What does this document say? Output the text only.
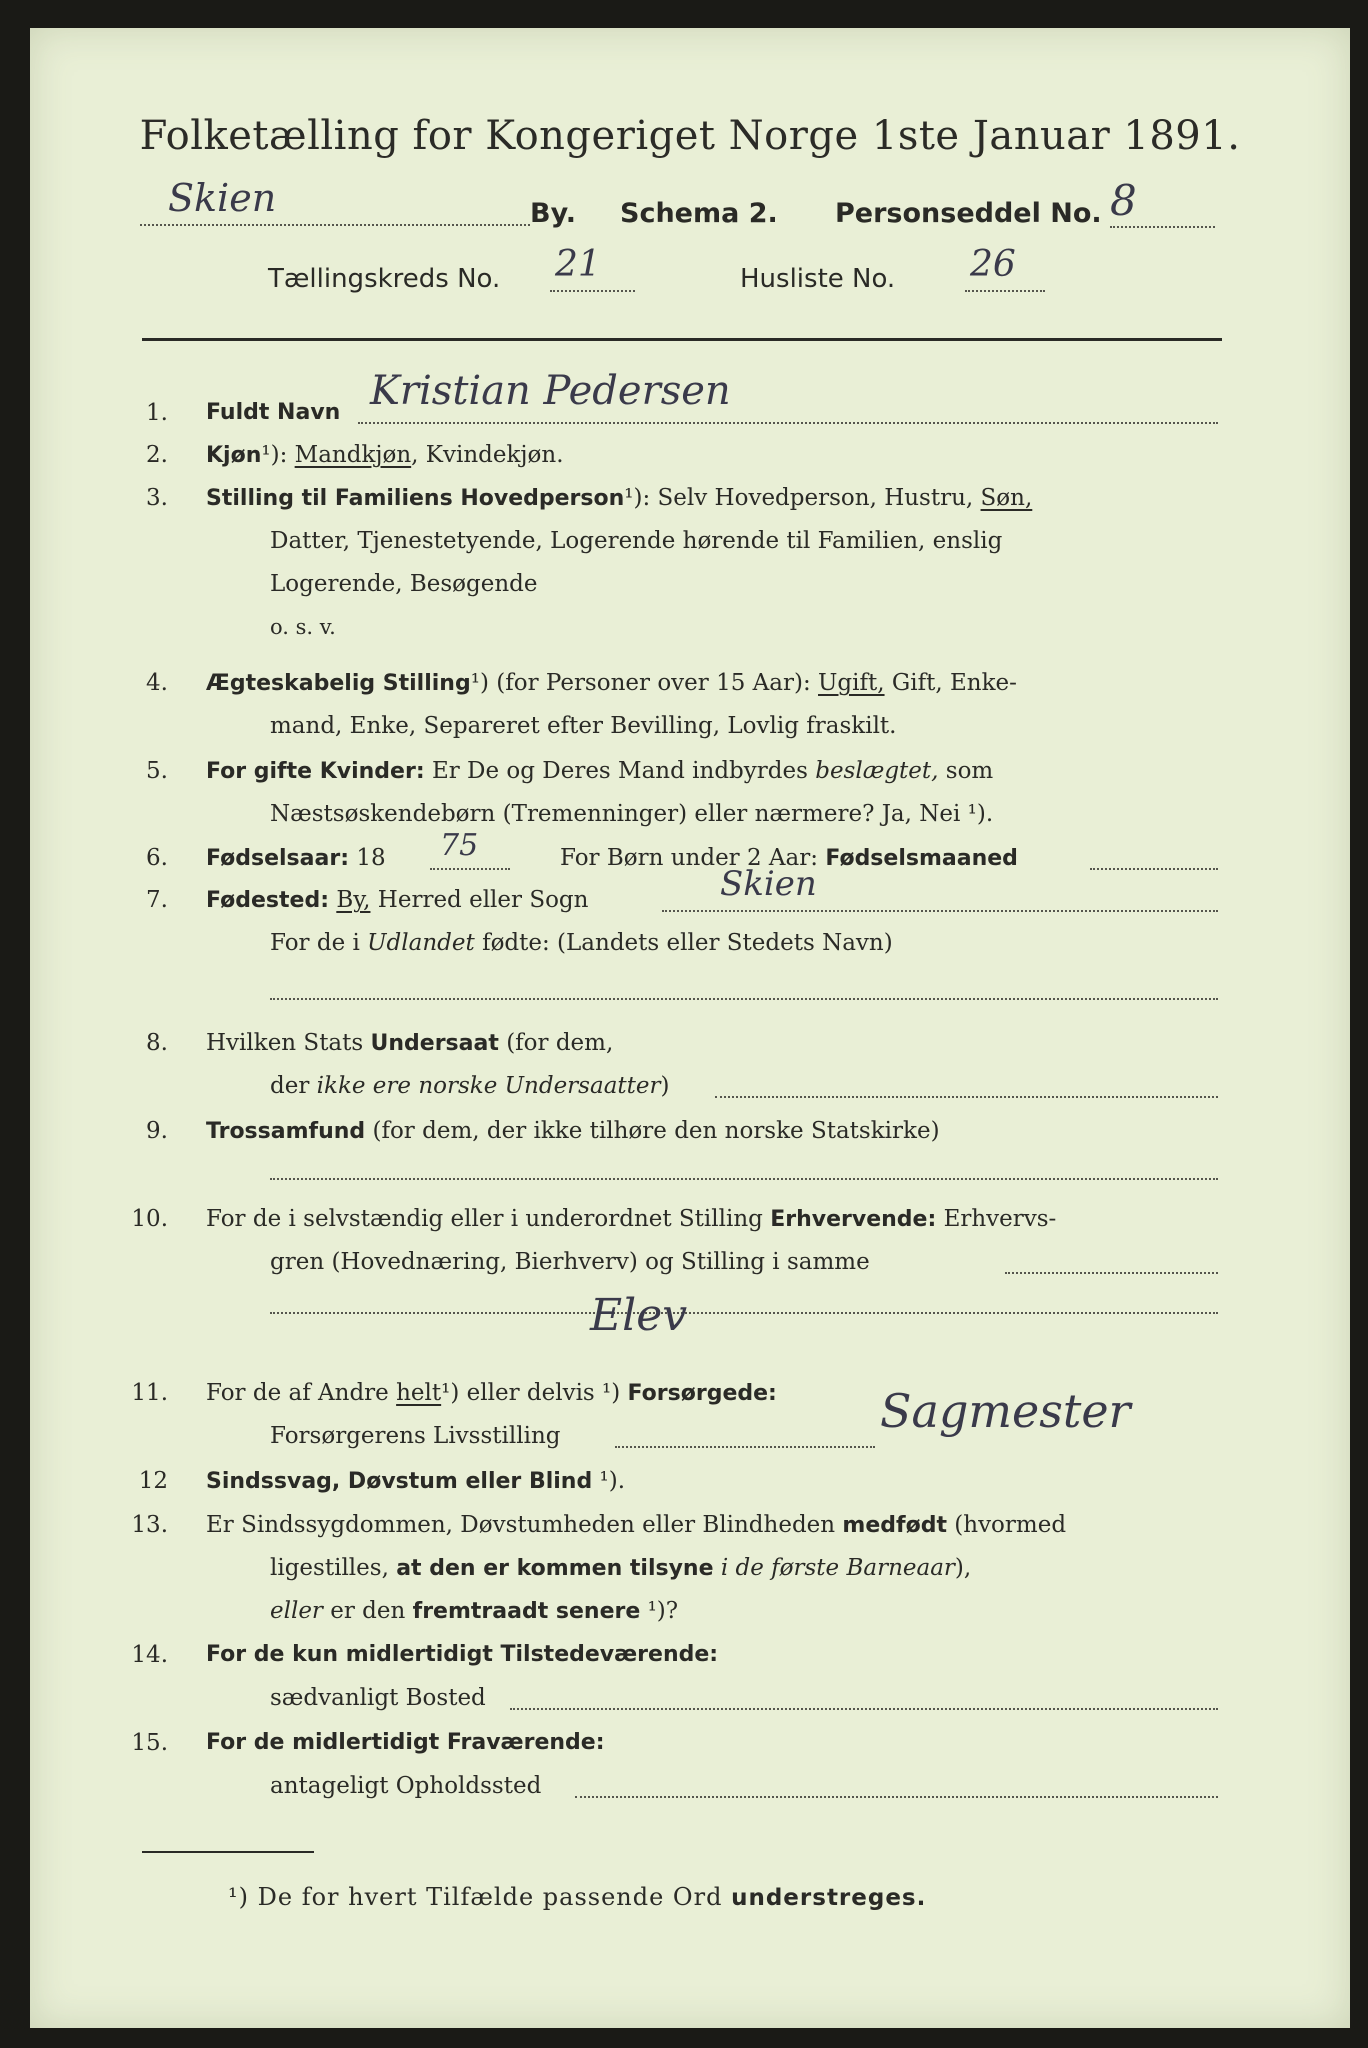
Folketælling for Kongeriget Norge 1ste Januar 1891.
Skien	By. Schema 2. Personseddel No. 8
Tællingskreds No. 21	Husliste No. 26
1. Fuldt Navn Kristian Pedersen
2. Kjøn¹): Mandkjøn, Kvindekjøn.
3. Stilling til Familiens Hovedperson¹): Selv Hovedperson, Hustru, Søn,
Datter, Tjenestetyende, Logerende hørende til Familien, enslig
Logerende, Besøgende
o. s. v.
4. Ægteskabelig Stilling¹) (for Personer over 15 Aar): Ugift, Gift, Enke-
mand, Enke, Separeret efter Bevilling, Lovlig fraskilt.
5. For gifte Kvinder: Er De og Deres Mand indbyrdes beslægtet, som
Næstsøskendebørn (Tremenninger) eller nærmere? Ja, Nei ¹).
6. Fødselsaar: 18 75	For Børn under 2 Aar: Fødselsmaaned
7. Fødested: By, Herred eller Sogn	Skien
For de i Udlandet fødte: (Landets eller Stedets Navn)
8. Hvilken Stats Undersaat (for dem,
der ikke ere norske Undersaatter)
9. Trossamfund (for dem, der ikke tilhøre den norske Statskirke)
10. For de i selvstændig eller i underordnet Stilling Erhvervende: Erhvervs-
gren (Hovednæring, Bierhverv) og Stilling i samme
Elev
11. For de af Andre helt¹) eller delvis ¹) Forsørgede:
Forsørgerens Livsstilling	Sagmester
12 Sindssvag, Døvstum eller Blind ¹).
13. Er Sindssygdommen, Døvstumheden eller Blindheden medfødt (hvormed
ligestilles, at den er kommen tilsyne i de første Barneaar),
eller er den fremtraadt senere ¹)?
14. For de kun midlertidigt Tilstedeværende:
sædvanligt Bosted
15. For de midlertidigt Fraværende:
antageligt Opholdssted
¹) De for hvert Tilfælde passende Ord understreges.
